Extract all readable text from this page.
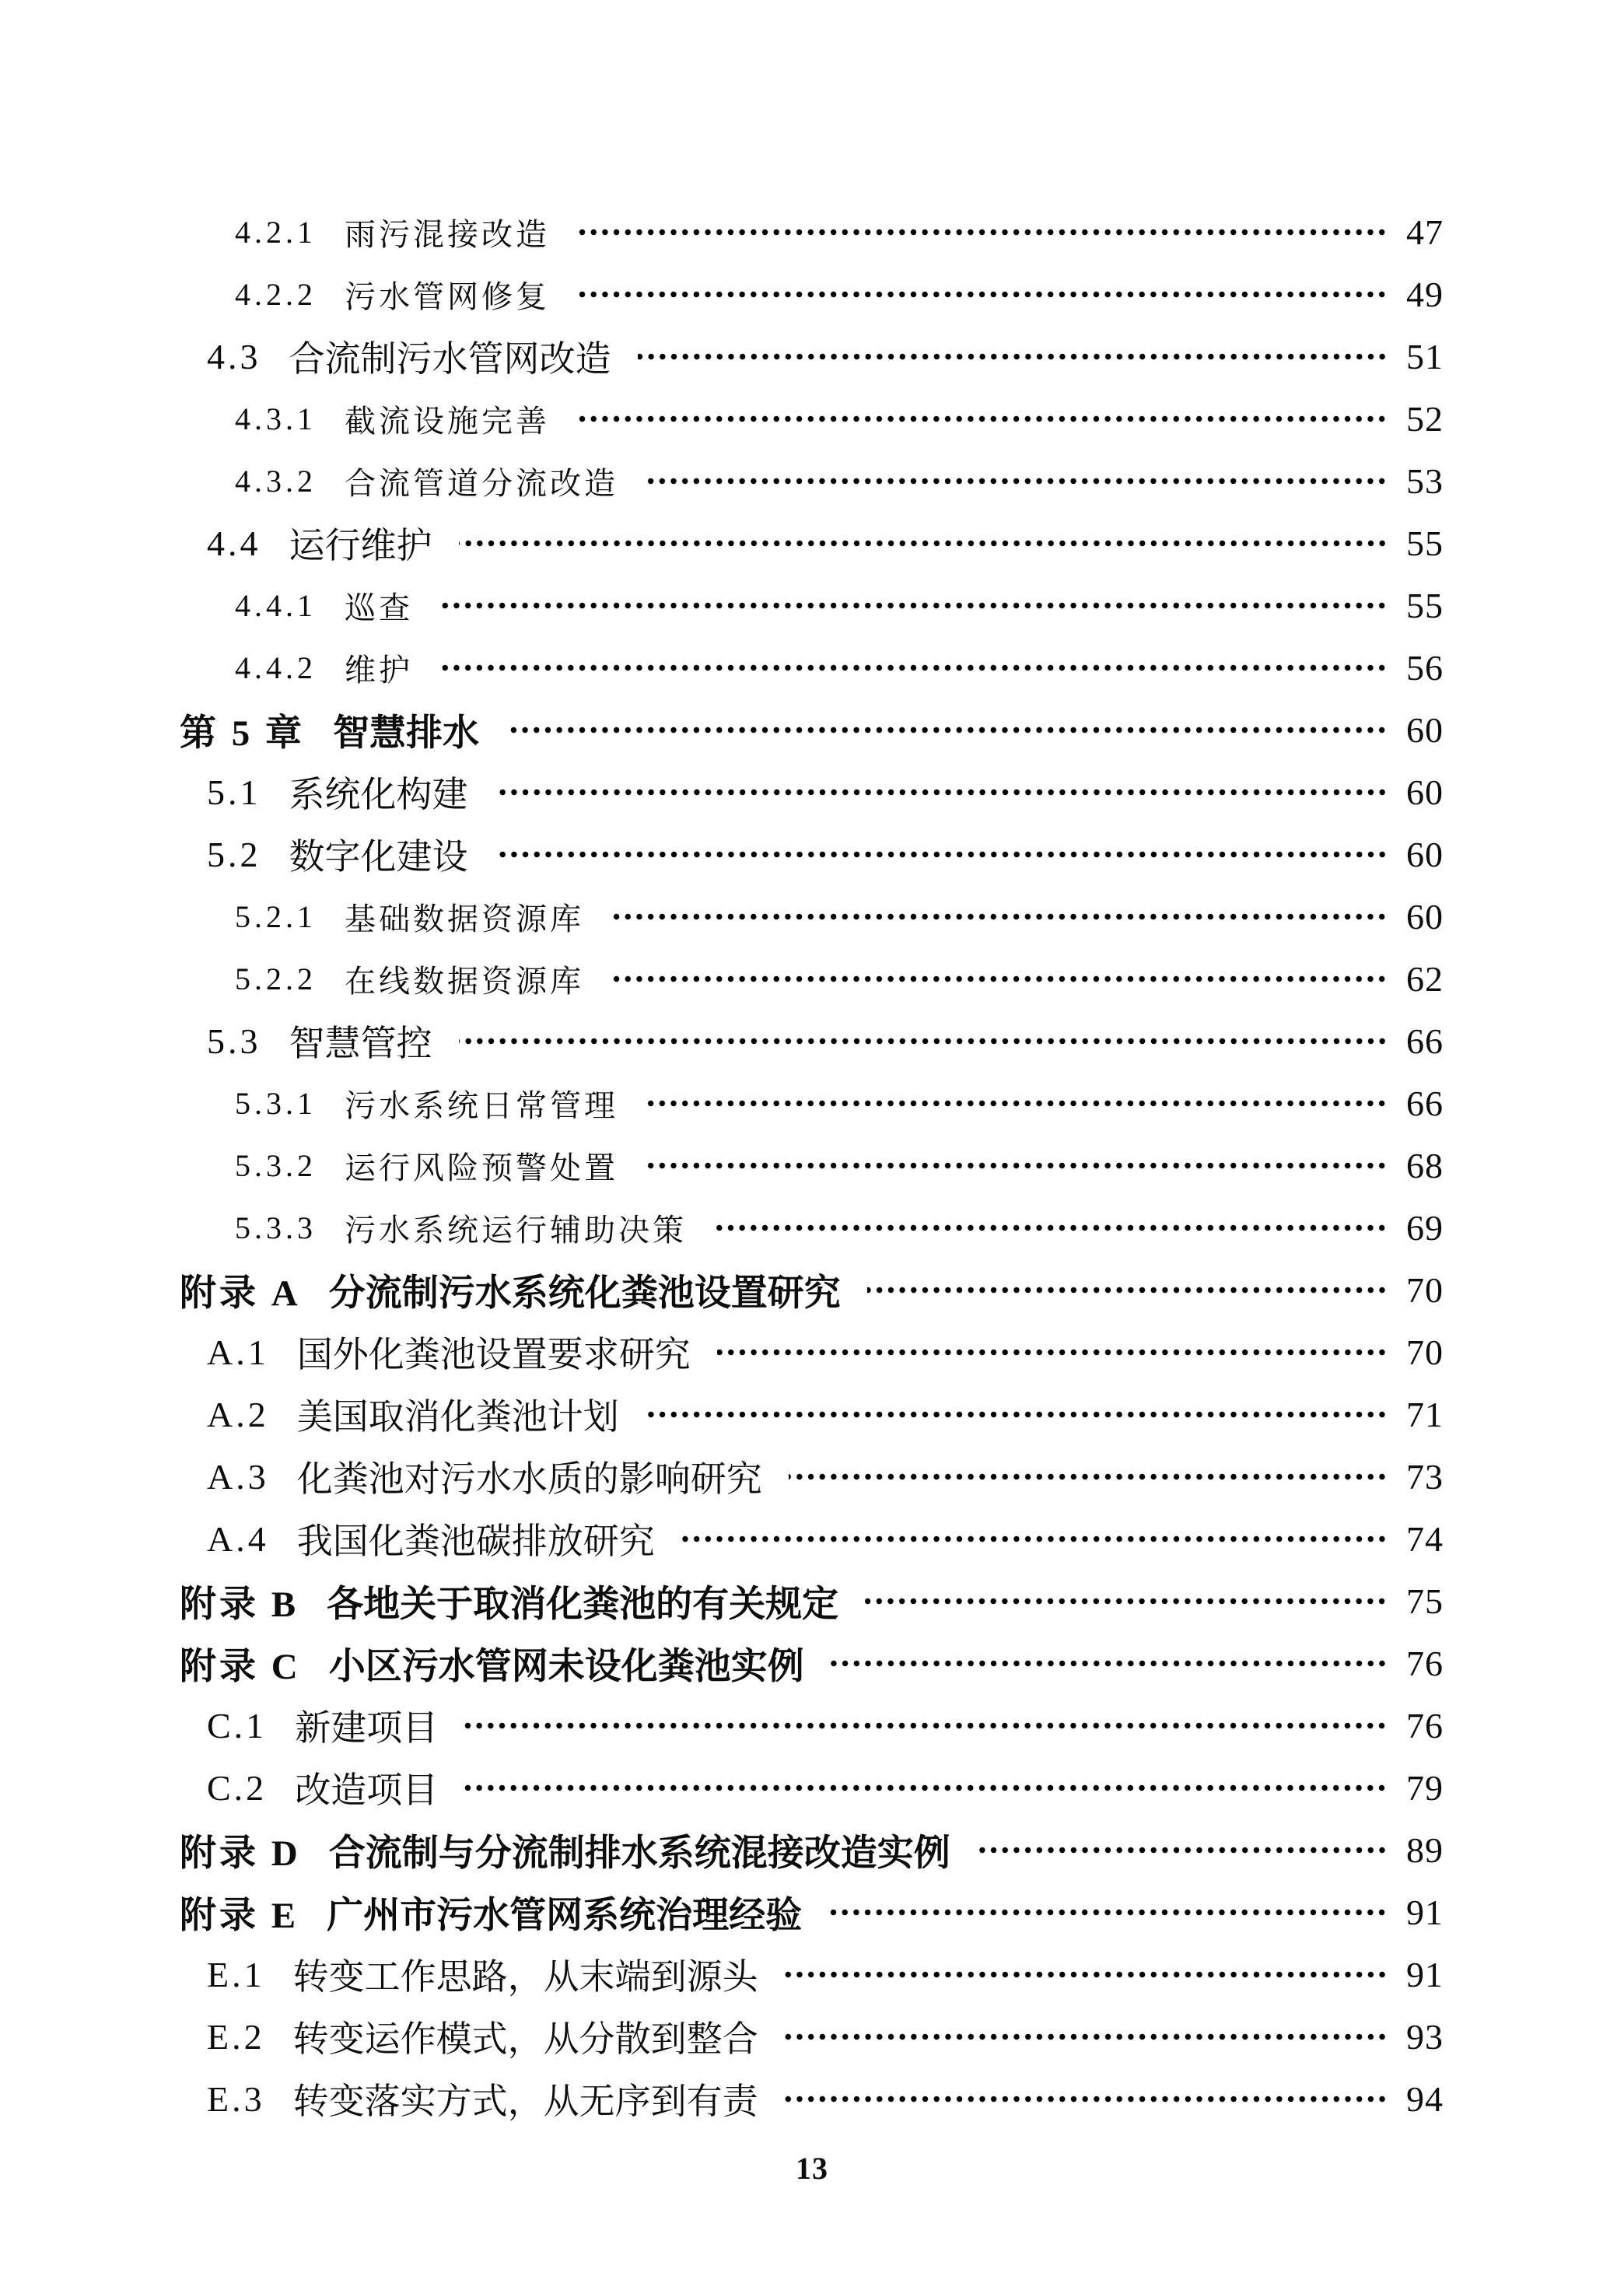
4.2.1 雨污混接改造	47
4.2.2 污水管网修复	49
4.3 合流制污水管网改造	51
4.3.1 截流设施完善	52
4.3.2 合流管道分流改造	53
4.4 运行维护	55
4.4.1 巡查	55
4.4.2 维护	56
第 5 章 智慧排水	60
5.1 系统化构建	60
5.2 数字化建设	60
5.2.1 基础数据资源库	60
5.2.2 在线数据资源库	62
5.3 智慧管控	66
5.3.1 污水系统日常管理	66
5.3.2 运行风险预警处置	68
5.3.3 污水系统运行辅助决策	69
附录 A 分流制污水系统化粪池设置研究	70
A.1 国外化粪池设置要求研究	70
A.2 美国取消化粪池计划	71
A.3 化粪池对污水水质的影响研究	73
A.4 我国化粪池碳排放研究	74
附录 B 各地关于取消化粪池的有关规定	75
附录 C 小区污水管网未设化粪池实例	76
C.1 新建项目	76
C.2 改造项目	79
附录 D 合流制与分流制排水系统混接改造实例	89
附录 E 广州市污水管网系统治理经验	91
E.1 转变工作思路，从末端到源头	91
E.2 转变运作模式，从分散到整合	93
E.3 转变落实方式，从无序到有责	94
13
